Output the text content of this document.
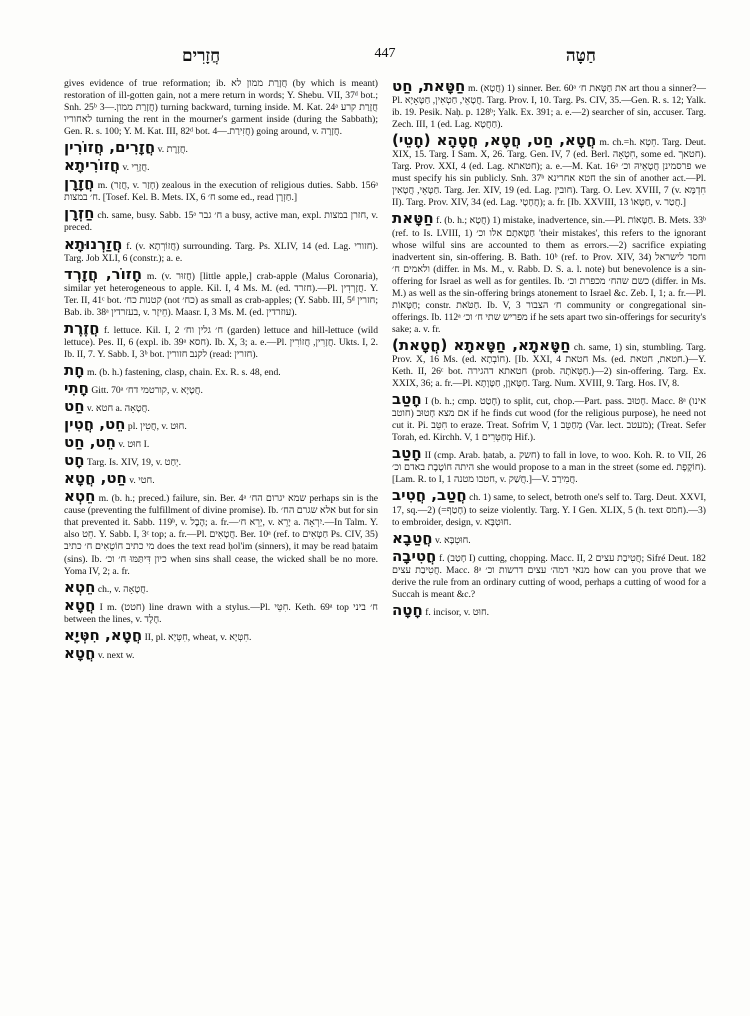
חֲזָרִים	447	חַטָּה

gives evidence of true reformation; ib. חֲזָרַת ממון לא (by which is meant) restoration of ill-gotten gain, not a mere return in words; Y. Shebu. VII, 37ᵈ bot.; Snh. 25ᵇ חֲזָרַת ממון.—3) turning backward, turning inside. M. Kat. 24ᵃ חֲזָרַת קרע לאחוריו turning the rent in the mourner's garment inside (during the Sabbath); Gen. R. s. 100; Y. M. Kat. III, 82ᵈ bot. חֲזִירַת.—4) going around, v. חֲזָרָה.

חֲזָרִים, חֲזוֹרִין v. חֲזֶרֶת.

חֲזוֹרִיתָא v. חֲזָרֵי.

חֲזָרָן m. (חֲזַר, v. חָזַר) zealous in the execution of religious duties. Sabb. 156ᵃ ח׳ במצות. [Tosef. Kel. B. Mets. IX, 6 ח׳ some ed., read חַזְרָן.]

חַזְרָן ch. same, busy. Sabb. 15ᵃ ח׳ גבר a busy, active man, expl. חזרן במצות, v. preced.

חֲזַרְנוּתָא f. (v. חֲזוֹרְתָא) surrounding. Targ. Ps. XLIV, 14 (ed. Lag. חזורי). Targ. Job XLI, 6 (constr.); a. e.

חָזוֹר, חֲזָרְד m. (v. חֲזוּר) [little apple,] crab-apple (Malus Coronaria), similar yet heterogeneous to apple. Kil. I, 4 Ms. M. (ed. חזרד).—Pl. חֲזָרְדִין. Y. Ter. II, 41ᶜ bot. קטנות כח׳ (not כח׳) as small as crab-apples; (Y. Sabb. III, 5ᵈ חזרין; Bab. ib. 38ᵃ בעזרדין, v. חֵיזָר). Maasr. I, 3 Ms. M. (ed. עוזרדין).

חֲזֶרֶת f. lettuce. Kil. I, 2 ח׳ גלין וח׳ (garden) lettuce and hill-lettuce (wild lettuce). Pes. II, 6 (expl. ib. 39ᵃ חסא). Ib. X, 3; a. e.—Pl. חֲזָרִין, חֲזוֹרִין. Ukts. I, 2. Ib. II, 7. Y. Sabb. I, 3ᵇ bot. לקנב חזורין (read: חזרין).

חָת m. (b. h.) fastening, clasp, chain. Ex. R. s. 48, end.

חָתִי Gitt. 70ᵃ קורטמי דח׳, v. חֲטָיָא.

חַט v. חטא a. חֲטָאָה.

חֵט, חֲטִין pl. חֲטִין, v. חוּט.

חֵט, חַט v. חוּט I.

חָט Targ. Is. XIV, 19, v. יְחַט.

חַט, חֲטָא v. חטי.

חֵטְא m. (b. h.; preced.) failure, sin. Ber. 4ᵃ שמא יגרום הח׳ perhaps sin is the cause (preventing the fulfillment of divine promise). Ib. אלא שגרם הח׳ but for sin that prevented it. Sabb. 119ᵇ, v. הֶבֶל; a. fr.—יְרֵא ח׳, v. יָרֵא a. יִרְאָה.—In Talm. Y. also חֵט. Y. Sabb. I, 3ᶜ top; a. fr.—Pl. חֲטָאִים. Ber. 10ᵃ (ref. to חַטָּאִים Ps. CIV, 35) מי כתיב חוֹטְאִים ח׳ כתיב does the text read ḥol'im (sinners), it may be read ḥataim (sins). Ib. כיון דִּיתַּמּוּ ח׳ וכ׳ when sins shall cease, the wicked shall be no more. Yoma IV, 2; a. fr.

חֵטְא ch., v. חֲטָאָה.

חֲטָא I m. (חטט) line drawn with a stylus.—Pl. חִטֵּי. Keth. 69ᵃ top ח׳ ביני between the lines, v. חֶלֶד.

חֲטָא, חִטְּיָא II, pl. חִטְּיָא, wheat, v. חִטְּיָא.

חֲטָא v. next w.

חַטָּאת, חַט m. (חֲטָא) 1) sinner. Ber. 60ᵃ את חַטָּאת ח׳ art thou a sinner?—Pl. חֲטָאֵי, חַטְאִין, חַטָּאָיָא. Targ. Prov. I, 10. Targ. Ps. CIV, 35.—Gen. R. s. 12; Yalk. ib. 19. Pesik. Naḥ. p. 128ᵇ; Yalk. Ex. 391; a. e.—2) searcher of sin, accuser. Targ. Zech. III, 1 (ed. Lag. חַחֲטָא).

חֲטָא, חַט, חֲטָא, חֲטָהָא (חָטֵי) m. ch.=h. חֵטְא. Targ. Deut. XIX, 15. Targ. I Sam. X, 26. Targ. Gen. IV, 7 (ed. Berl. חִטְאָה, some ed. חטאך). Targ. Prov. XXI, 4 (ed. Lag. חטאתא); a. e.—M. Kat. 16ᵃ פרסמינן חֲטָאֵיהּ וכ׳ we must specify his sin publicly. Snh. 37ᵇ חטא אחרינא the sin of another act.—Pl. חַטָּאֵי, חֲטָאִין. Targ. Jer. XIV, 19 (ed. Lag. חובין). Targ. O. Lev. XVIII, 7 (v. חִדְמָּא II). Targ. Prov. XIV, 34 (ed. Lag. חֲחָטָי); a. fr. [Ib. XXVIII, 13 חַטָּאוֹ, v. חֲטַר.]

חַטָּאת f. (b. h.; חֲטָא) 1) mistake, inadvertence, sin.—Pl. חַטָּאוֹת. B. Mets. 33ᵇ (ref. to Is. LVIII, 1) חַטָּאתָם אלו וכ׳ 'their mistakes', this refers to the ignorant whose wilful sins are accounted to them as errors.—2) sacrifice expiating inadvertent sin, sin-offering. B. Bath. 10ᵇ (ref. to Prov. XIV, 34) וחסד לישראל ולאמים ח׳ (differ. in Ms. M., v. Rabb. D. S. a. l. note) but benevolence is a sin-offering for Israel as well as for gentiles. Ib. כשם שהח׳ מכפרת וכ׳ (differ. in Ms. M.) as well as the sin-offering brings atonement to Israel &c. Zeb. I, 1; a. fr.—Pl. חַטָּאוֹת; constr. חַטֹּאת. Ib. V, 3 ח׳ הצבור community or congregational sin-offerings. Ib. 112ᵃ מפריש שתי ח׳ וכ׳ if he sets apart two sin-offerings for security's sake; a. v. fr.

חַטָּאתָא, חַטָּאתָא (חֲטָאת) ch. same, 1) sin, stumbling. Targ. Prov. X, 16 Ms. (ed. חוֹבְתָא). [Ib. XXI, 4 חטאת Ms. (ed. חטאת, חטאת.)—Y. Keth. II, 26ᶜ bot. חטאתא דהגירה (prob. חַטְּאֹתָה.)—2) sin-offering. Targ. Ex. XXIX, 36; a. fr.—Pl. חַטָּאוָן, חַטָּוָתָא. Targ. Num. XVIII, 9. Targ. Hos. IV, 8.

חָטַב I (b. h.; cmp. חָטַט) to split, cut, chop.—Part. pass. חָטוּב. Macc. 8ᵃ (אינו חוטב) אם מצא חָטוּב if he finds cut wood (for the religious purpose), he need not cut it. Pi. חִטֵּב to eraze. Treat. Sofrim V, 1 מְחַטֵּב (Var. lect. מעטב); (Treat. Sefer Torah, ed. Kirchh. V, 1 מְחַטְּרִים Hif.).

חָטַב II (cmp. Arab. ḥatab, a. חשק) to fall in love, to woo. Koh. R. to VII, 26 היתה חוֹטֶבֶת באדם וכ׳ she would propose to a man in the street (some ed. חוֹקֶפֶת). [Lam. R. to I, 1 חטבו מטנה, v. חֲשַׁק.]—V. חֲמִירַב.

חֲטַב, חֲטִיב ch. 1) same, to select, betroth one's self to. Targ. Deut. XXVI, 17, sq.—2) (=חָטַף) to seize violently. Targ. Y. I Gen. XLIX, 5 (h. text חמס).—3) to embroider, design, v. חוּטְבָּא.

חֲטַבָא v. חוּטְבָּא.

חֲטִיבָה f. (חָטַב I) cutting, chopping. Macc. II, 2 חֲטִיבַת עצים; Sifré Deut. 182 חֲטִיבַת עצים. Macc. 8ᵃ מנאי דמה׳ עצים דרשות וכ׳ how can you prove that we derive the rule from an ordinary cutting of wood, perhaps a cutting of wood for a Succah is meant &c.?

חָטָה f. incisor, v. חוּט.
